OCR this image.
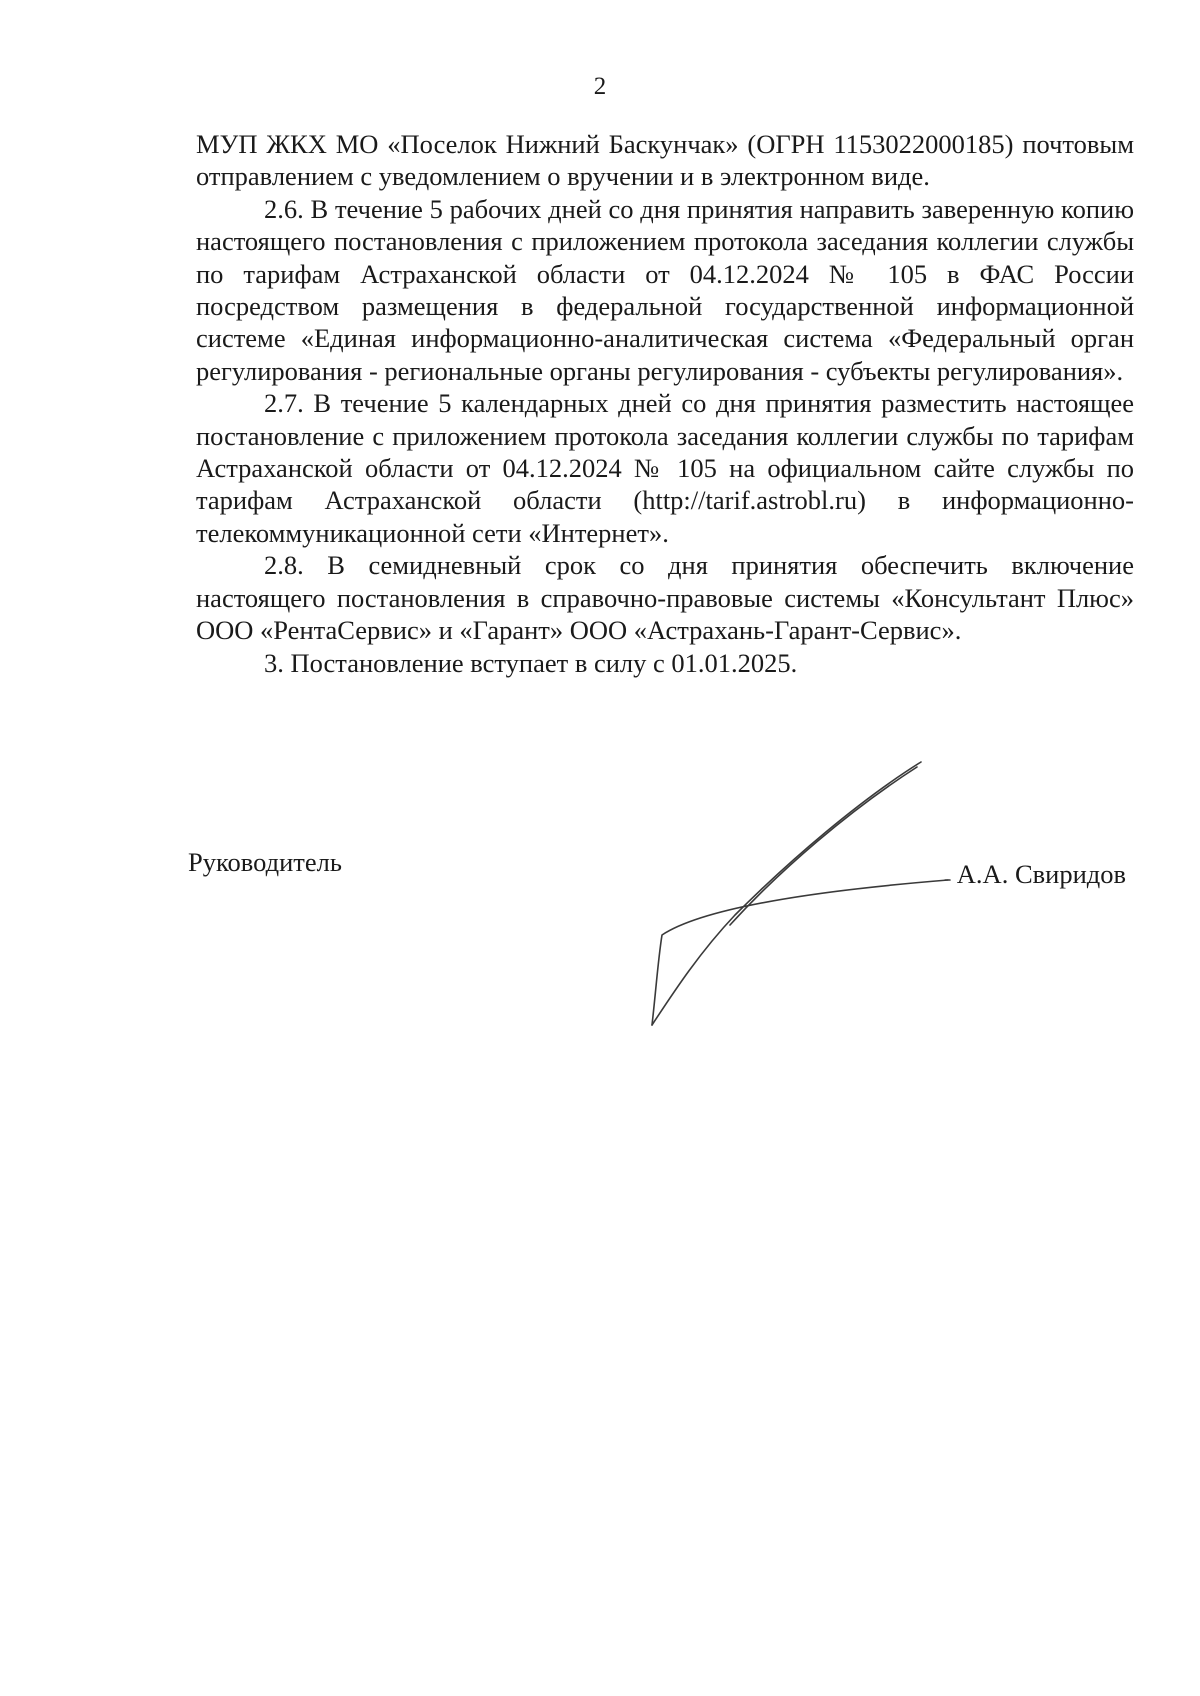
2

МУП ЖКХ МО «Поселок Нижний Баскунчак» (ОГРН 1153022000185) почтовым отправлением с уведомлением о вручении и в электронном виде.

2.6. В течение 5 рабочих дней со дня принятия направить заверенную копию настоящего постановления с приложением протокола заседания коллегии службы по тарифам Астраханской области от 04.12.2024 № 105 в ФАС России посредством размещения в федеральной государственной информационной системе «Единая информационно-аналитическая система «Федеральный орган регулирования - региональные органы регулирования - субъекты регулирования».

2.7. В течение 5 календарных дней со дня принятия разместить настоящее постановление с приложением протокола заседания коллегии службы по тарифам Астраханской области от 04.12.2024 № 105 на официальном сайте службы по тарифам Астраханской области (http://tarif.astrobl.ru) в информационно-телекоммуникационной сети «Интернет».

2.8. В семидневный срок со дня принятия обеспечить включение настоящего постановления в справочно-правовые системы «Консультант Плюс» ООО «РентаСервис» и «Гарант» ООО «Астрахань-Гарант-Сервис».

3. Постановление вступает в силу с 01.01.2025.

Руководитель	А.А. Свиридов
